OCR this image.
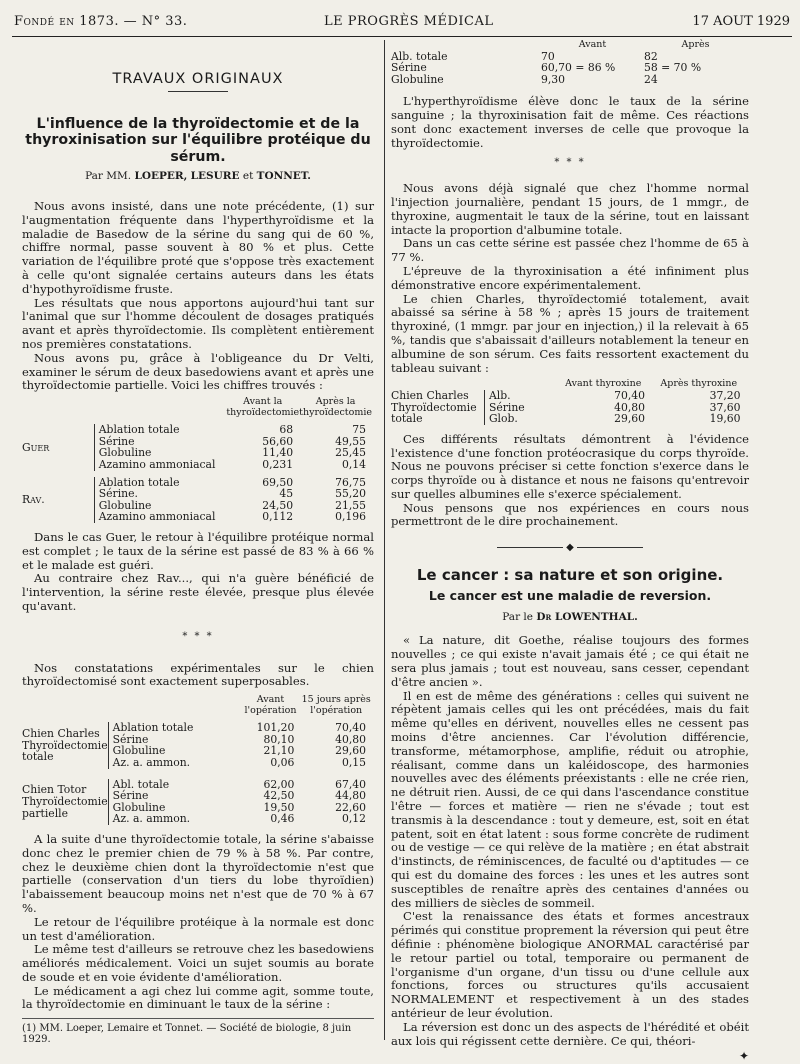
Fondé en 1873. — N° 33.	LE PROGRÈS MÉDICAL	17 AOUT 1929
TRAVAUX ORIGINAUX
L'influence de la thyroïdectomie et de la thyroxinisation sur l'équilibre protéique du sérum.
Par MM. LOEPER, LESURE et TONNET.

Nous avons insisté, dans une note précédente, (1) sur l'augmentation fréquente dans l'hyperthyroïdisme et la maladie de Basedow de la sérine du sang qui de 60 %, chiffre normal, passe souvent à 80 % et plus. Cette variation de l'équilibre proté que s'oppose très exactement à celle qu'ont signalée certains auteurs dans les états d'hypothyroïdisme fruste.

Les résultats que nous apportons aujourd'hui tant sur l'animal que sur l'homme découlent de dosages pratiqués avant et après thyroïdectomie. Ils complètent entièrement nos premières constatations.

Nous avons pu, grâce à l'obligeance du Dr Velti, examiner le sérum de deux basedowiens avant et après une thyroïdectomie partielle. Voici les chiffres trouvés :

		Avant la thyroïdectomie	Après la thyroïdectomie

Guer	Ablation totale	68	75
	Sérine	56,60	49,55
	Globuline	11,40	25,45
	Azamino ammoniacal	0,231	0,14

Rav.	Ablation totale	69,50	76,75
	Sérine.	45	55,20
	Globuline	24,50	21,55
	Azamino ammoniacal	0,112	0,196

Dans le cas Guer, le retour à l'équilibre protéique normal est complet ; le taux de la sérine est passé de 83 % à 66 % et le malade est guéri.

Au contraire chez Rav..., qui n'a guère bénéficié de l'intervention, la sérine reste élevée, presque plus élevée qu'avant.

* * *

Nos constatations expérimentales sur le chien thyroïdectomisé sont exactement superposables.

		Avant l'opération	15 jours après l'opération

Chien Charles Thyroïdectomie totale	Ablation totale	101,20	70,40
	Sérine	80,10	40,80
	Globuline	21,10	29,60
	Az. a. ammon.	0,06	0,15

Chien Totor Thyroïdectomie partielle	Abl. totale	62,00	67,40
	Sérine	42,50	44,80
	Globuline	19,50	22,60
	Az. a. ammon.	0,46	0,12

A la suite d'une thyroïdectomie totale, la sérine s'abaisse donc chez le premier chien de 79 % à 58 %. Par contre, chez le deuxième chien dont la thyroïdectomie n'est que partielle (conservation d'un tiers du lobe thyroïdien) l'abaissement beaucoup moins net n'est que de 70 % à 67 %.

Le retour de l'équilibre protéique à la normale est donc un test d'amélioration.

Le même test d'ailleurs se retrouve chez les basedowiens améliorés médicalement. Voici un sujet soumis au borate de soude et en voie évidente d'amélioration.

Le médicament a agi chez lui comme agit, somme toute, la thyroïdectomie en diminuant le taux de la sérine :

(1) MM. Loeper, Lemaire et Tonnet. — Société de biologie, 8 juin 1929.
	Avant	Après
Alb. totale	70	82
Sérine	60,70 = 86 %	58 = 70 %
Globuline	9,30	24

L'hyperthyroïdisme élève donc le taux de la sérine sanguine ; la thyroxinisation fait de même. Ces réactions sont donc exactement inverses de celle que provoque la thyroïdectomie.

* * *

Nous avons déjà signalé que chez l'homme normal l'injection journalière, pendant 15 jours, de 1 mmgr., de thyroxine, augmentait le taux de la sérine, tout en laissant intacte la proportion d'albumine totale.

Dans un cas cette sérine est passée chez l'homme de 65 à 77 %.

L'épreuve de la thyroxinisation a été infiniment plus démonstrative encore expérimentalement.

Le chien Charles, thyroïdectomié totalement, avait abaissé sa sérine à 58 % ; après 15 jours de traitement thyroxiné, (1 mmgr. par jour en injection,) il la relevait à 65 %, tandis que s'abaissait d'ailleurs notablement la teneur en albumine de son sérum. Ces faits ressortent exactement du tableau suivant :

		Avant thyroxine	Après thyroxine
Chien Charles Thyroïdectomie totale	Alb.	70,40	37,20
	Sérine	40,80	37,60
	Glob.	29,60	19,60

Ces différents résultats démontrent à l'évidence l'existence d'une fonction protéocrasique du corps thyroïde. Nous ne pouvons préciser si cette fonction s'exerce dans le corps thyroïde ou à distance et nous ne faisons qu'entrevoir sur quelles albumines elle s'exerce spécialement.

Nous pensons que nos expériences en cours nous permettront de le dire prochainement.

◆
Le cancer : sa nature et son origine.
Le cancer est une maladie de reversion.
Par le Dr LOWENTHAL.

« La nature, dit Goethe, réalise toujours des formes nouvelles ; ce qui existe n'avait jamais été ; ce qui était ne sera plus jamais ; tout est nouveau, sans cesser, cependant d'être ancien ».

Il en est de même des générations : celles qui suivent ne répètent jamais celles qui les ont précédées, mais du fait même qu'elles en dérivent, nouvelles elles ne cessent pas moins d'être anciennes. Car l'évolution différencie, transforme, métamorphose, amplifie, réduit ou atrophie, réalisant, comme dans un kaléidoscope, des harmonies nouvelles avec des éléments préexistants : elle ne crée rien, ne détruit rien. Aussi, de ce qui dans l'ascendance constitue l'être — forces et matière — rien ne s'évade ; tout est transmis à la descendance : tout y demeure, est, soit en état patent, soit en état latent : sous forme concrète de rudiment ou de vestige — ce qui relève de la matière ; en état abstrait d'instincts, de réminiscences, de faculté ou d'aptitudes — ce qui est du domaine des forces : les unes et les autres sont susceptibles de renaître après des centaines d'années ou des milliers de siècles de sommeil.

C'est la renaissance des états et formes ancestraux périmés qui constitue proprement la réversion qui peut être définie : phénomène biologique ANORMAL caractérisé par le retour partiel ou total, temporaire ou permanent de l'organisme d'un organe, d'un tissu ou d'une cellule aux fonctions, forces ou structures qu'ils accusaient NORMALEMENT et respectivement à un des stades antérieur de leur évolution.

La réversion est donc un des aspects de l'hérédité et obéit aux lois qui régissent cette dernière. Ce qui, théori-

✦
